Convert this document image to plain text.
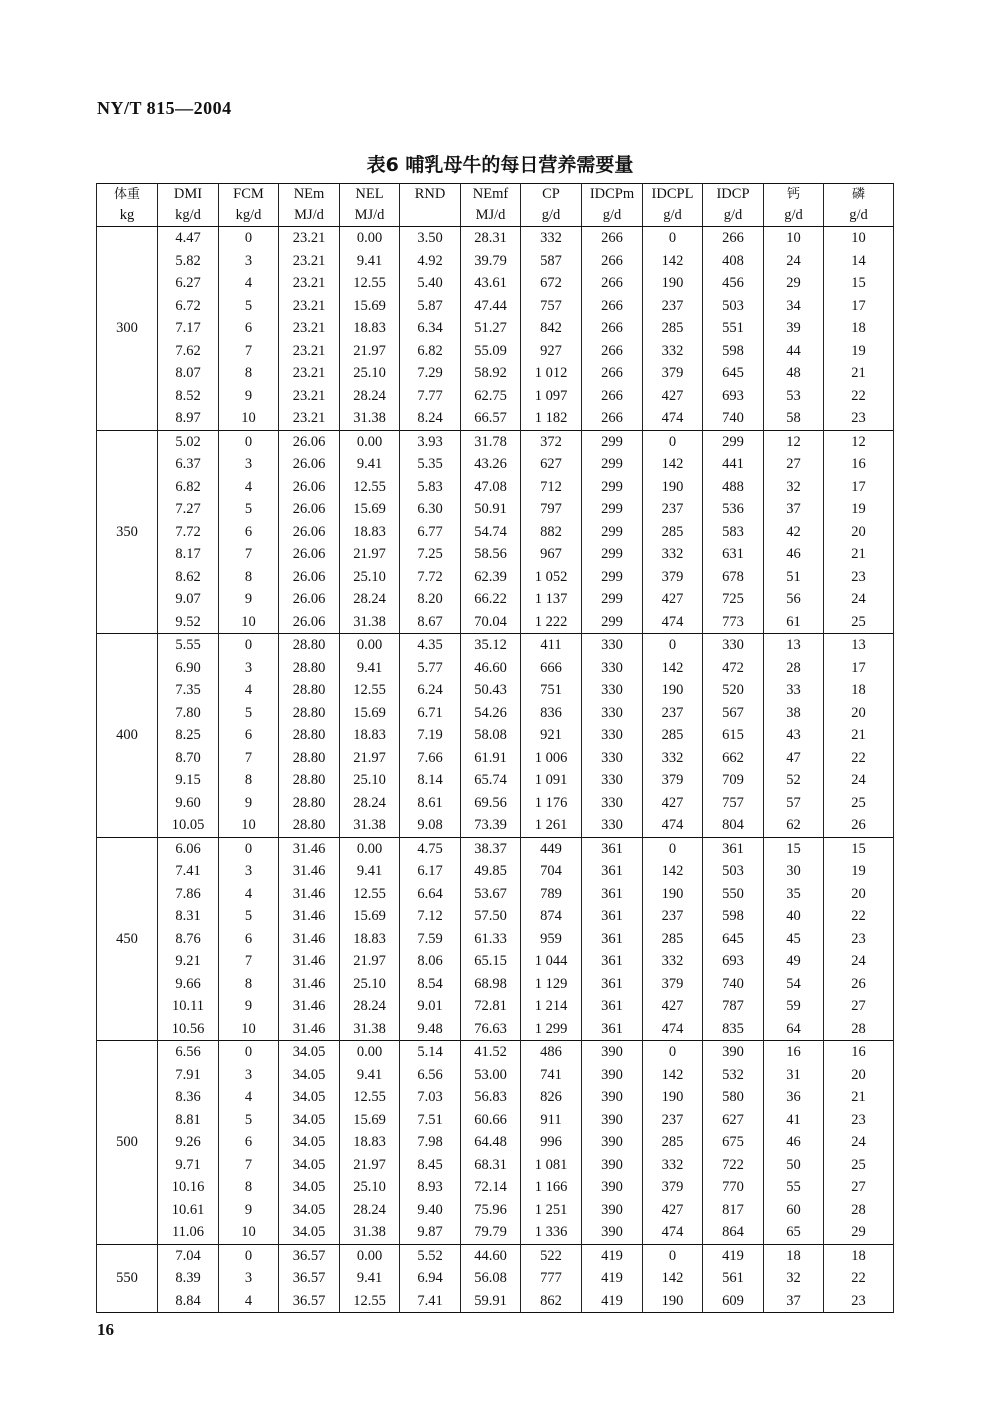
NY/T 815—2004
表6 哺乳母牛的每日营养需要量
体重	DMI	FCM	NEm	NEL	RND	NEmf	CP	IDCPm	IDCPL	IDCP	钙	磷
kg	kg/d	kg/d	MJ/d	MJ/d		MJ/d	g/d	g/d	g/d	g/d	g/d	g/d
300	4.47	0	23.21	0.00	3.50	28.31	332	266	0	266	10	10
	5.82	3	23.21	9.41	4.92	39.79	587	266	142	408	24	14
	6.27	4	23.21	12.55	5.40	43.61	672	266	190	456	29	15
	6.72	5	23.21	15.69	5.87	47.44	757	266	237	503	34	17
	7.17	6	23.21	18.83	6.34	51.27	842	266	285	551	39	18
	7.62	7	23.21	21.97	6.82	55.09	927	266	332	598	44	19
	8.07	8	23.21	25.10	7.29	58.92	1 012	266	379	645	48	21
	8.52	9	23.21	28.24	7.77	62.75	1 097	266	427	693	53	22
	8.97	10	23.21	31.38	8.24	66.57	1 182	266	474	740	58	23
350	5.02	0	26.06	0.00	3.93	31.78	372	299	0	299	12	12
	6.37	3	26.06	9.41	5.35	43.26	627	299	142	441	27	16
	6.82	4	26.06	12.55	5.83	47.08	712	299	190	488	32	17
	7.27	5	26.06	15.69	6.30	50.91	797	299	237	536	37	19
	7.72	6	26.06	18.83	6.77	54.74	882	299	285	583	42	20
	8.17	7	26.06	21.97	7.25	58.56	967	299	332	631	46	21
	8.62	8	26.06	25.10	7.72	62.39	1 052	299	379	678	51	23
	9.07	9	26.06	28.24	8.20	66.22	1 137	299	427	725	56	24
	9.52	10	26.06	31.38	8.67	70.04	1 222	299	474	773	61	25
400	5.55	0	28.80	0.00	4.35	35.12	411	330	0	330	13	13
	6.90	3	28.80	9.41	5.77	46.60	666	330	142	472	28	17
	7.35	4	28.80	12.55	6.24	50.43	751	330	190	520	33	18
	7.80	5	28.80	15.69	6.71	54.26	836	330	237	567	38	20
	8.25	6	28.80	18.83	7.19	58.08	921	330	285	615	43	21
	8.70	7	28.80	21.97	7.66	61.91	1 006	330	332	662	47	22
	9.15	8	28.80	25.10	8.14	65.74	1 091	330	379	709	52	24
	9.60	9	28.80	28.24	8.61	69.56	1 176	330	427	757	57	25
	10.05	10	28.80	31.38	9.08	73.39	1 261	330	474	804	62	26
450	6.06	0	31.46	0.00	4.75	38.37	449	361	0	361	15	15
	7.41	3	31.46	9.41	6.17	49.85	704	361	142	503	30	19
	7.86	4	31.46	12.55	6.64	53.67	789	361	190	550	35	20
	8.31	5	31.46	15.69	7.12	57.50	874	361	237	598	40	22
	8.76	6	31.46	18.83	7.59	61.33	959	361	285	645	45	23
	9.21	7	31.46	21.97	8.06	65.15	1 044	361	332	693	49	24
	9.66	8	31.46	25.10	8.54	68.98	1 129	361	379	740	54	26
	10.11	9	31.46	28.24	9.01	72.81	1 214	361	427	787	59	27
	10.56	10	31.46	31.38	9.48	76.63	1 299	361	474	835	64	28
500	6.56	0	34.05	0.00	5.14	41.52	486	390	0	390	16	16
	7.91	3	34.05	9.41	6.56	53.00	741	390	142	532	31	20
	8.36	4	34.05	12.55	7.03	56.83	826	390	190	580	36	21
	8.81	5	34.05	15.69	7.51	60.66	911	390	237	627	41	23
	9.26	6	34.05	18.83	7.98	64.48	996	390	285	675	46	24
	9.71	7	34.05	21.97	8.45	68.31	1 081	390	332	722	50	25
	10.16	8	34.05	25.10	8.93	72.14	1 166	390	379	770	55	27
	10.61	9	34.05	28.24	9.40	75.96	1 251	390	427	817	60	28
	11.06	10	34.05	31.38	9.87	79.79	1 336	390	474	864	65	29
550	7.04	0	36.57	0.00	5.52	44.60	522	419	0	419	18	18
	8.39	3	36.57	9.41	6.94	56.08	777	419	142	561	32	22
	8.84	4	36.57	12.55	7.41	59.91	862	419	190	609	37	23
16
